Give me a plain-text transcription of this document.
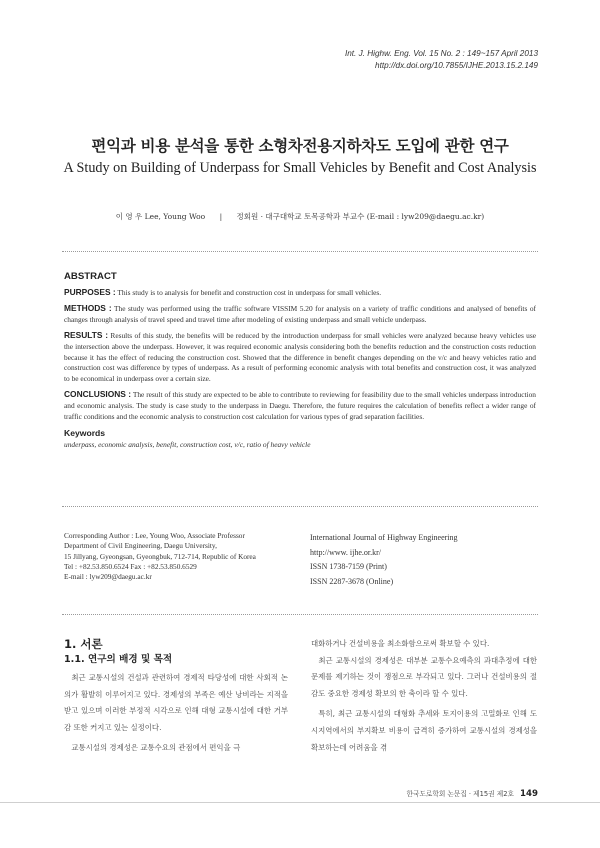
Int. J. Highw. Eng. Vol. 15 No. 2 : 149~157 April 2013
http://dx.doi.org/10.7855/IJHE.2013.15.2.149
편익과 비용 분석을 통한 소형차전용지하차도 도입에 관한 연구
A Study on Building of Underpass for Small Vehicles by Benefit and Cost Analysis
이 영 우 Lee, Young Woo | 정회원 · 대구대학교 토목공학과 부교수 (E-mail : lyw209@daegu.ac.kr)
ABSTRACT

PURPOSES : This study is to analysis for benefit and construction cost in underpass for small vehicles.

METHODS : The study was performed using the traffic software VISSIM 5.20 for analysis on a variety of traffic conditions and analysed of benefits of changes through analysis of travel speed and travel time after modeling of existing underpass and small vehicle underpass.

RESULTS : Results of this study, the benefits will be reduced by the introduction underpass for small vehicles were analyzed because heavy vehicles use the intersection above the underpass. However, it was required economic analysis considering both the benefits reduction and the construction costs reduction because it has the effect of reducing the construction cost. Showed that the difference in benefit changes depending on the v/c and heavy vehicles ratio and construction cost was difference by types of underpass. As a result of performing economic analysis with total benefits and construction cost, it was analyzed to be economical in underpass over a certain size.

CONCLUSIONS : The result of this study are expected to be able to contribute to reviewing for feasibility due to the small vehicles underpass introduction and economic analysis. The study is case study to the underpass in Daegu. Therefore, the future requires the calculation of benefits reflect a wider range of traffic conditions and the economic analysis to construction cost calculation for various types of grad separation facilities.

Keywords
underpass, economic analysis, benefit, construction cost, v/c, ratio of heavy vehicle
Corresponding Author : Lee, Young Woo, Associate Professor
Department of Civil Engineering, Daegu University,
15 Jillyang, Gyeongsan, Gyeongbuk, 712-714, Republic of Korea
Tel : +82.53.850.6524 Fax : +82.53.850.6529
E-mail : lyw209@daegu.ac.kr
International Journal of Highway Engineering
http://www. ijhe.or.kr/
ISSN 1738-7159 (Print)
ISSN 2287-3678 (Online)
1. 서론
1.1. 연구의 배경 및 목적

최근 교통시설의 건설과 관련하여 경제적 타당성에 대한 사회적 논의가 활발히 이루어지고 있다. 경제성의 부족은 예산 낭비라는 지적을 받고 있으며 이러한 부정적 시각으로 인해 대형 교통시설에 대한 거부감 또한 커지고 있는 실정이다.

교통시설의 경제성은 교통수요의 관점에서 편익을 극

대화하거나 건설비용을 최소화함으로써 확보할 수 있다.

최근 교통시설의 경제성은 대부분 교통수요예측의 과대추정에 대한 문제를 제기하는 것이 쟁점으로 부각되고 있다. 그러나 건설비용의 절감도 중요한 경제성 확보의 한 축이라 할 수 있다.

특히, 최근 교통시설의 대형화 추세와 토지이용의 고밀화로 인해 도시지역에서의 부지확보 비용이 급격히 증가하여 교통시설의 경제성을 확보하는데 어려움을 겪

한국도로학회 논문집 · 제15권 제2호 149
